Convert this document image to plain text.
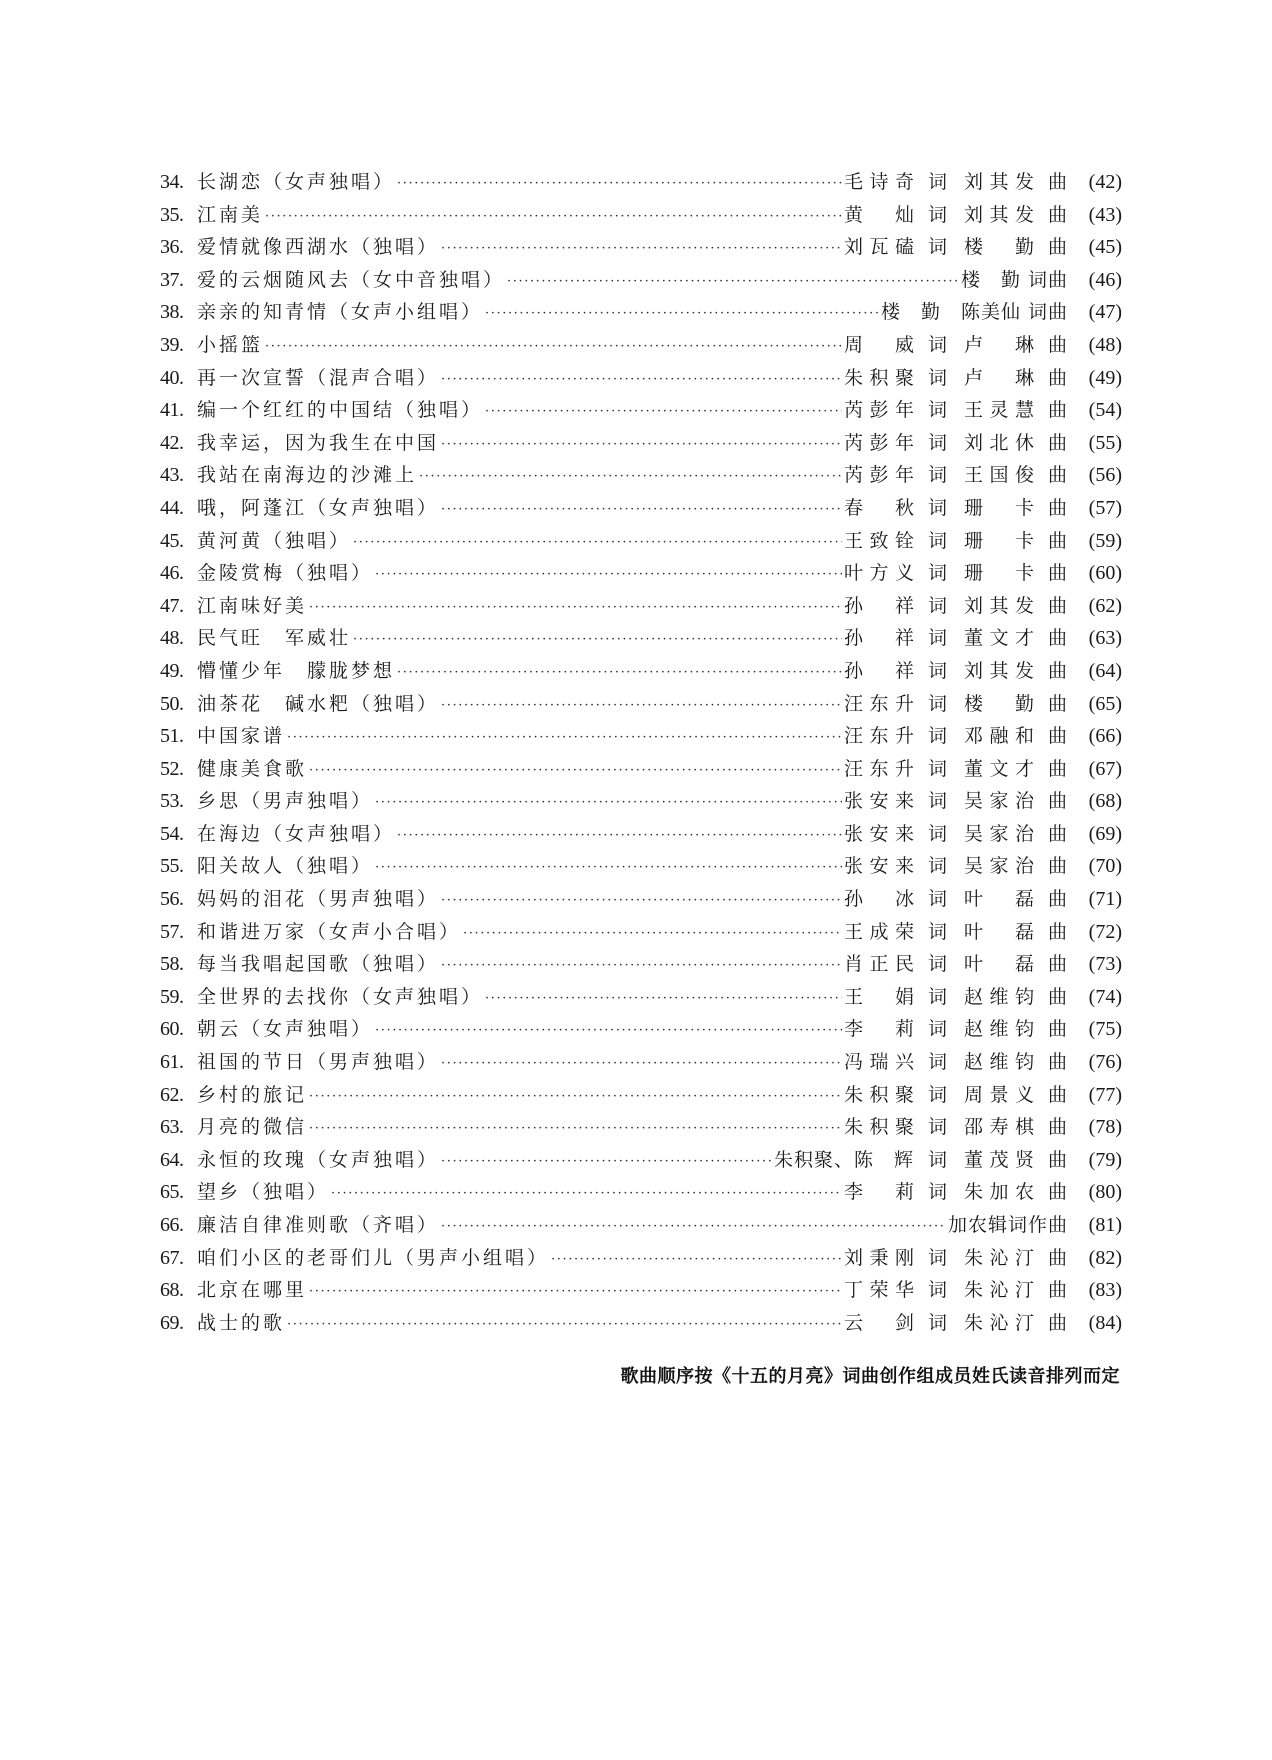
34. 长湖恋（女声独唱） ·····	毛诗奇 词 刘其发 曲	(42)
35. 江南美 ·····	黄灿 词 刘其发 曲	(43)
36. 爱情就像西湖水（独唱） ·····	刘瓦磕 词 楼勤 曲	(45)
37. 爱的云烟随风去（女中音独唱） ·····	楼　勤 词曲	(46)
38. 亲亲的知青情（女声小组唱） ·····	楼　勤　陈美仙 词曲	(47)
39. 小摇篮 ·····	周威 词 卢琳 曲	(48)
40. 再一次宣誓（混声合唱） ·····	朱积聚 词 卢琳 曲	(49)
41. 编一个红红的中国结（独唱） ·····	芮彭年 词 王灵慧 曲	(54)
42. 我幸运，因为我生在中国 ·····	芮彭年 词 刘北休 曲	(55)
43. 我站在南海边的沙滩上 ·····	芮彭年 词 王国俊 曲	(56)
44. 哦，阿蓬江（女声独唱） ·····	春秋 词 珊卡 曲	(57)
45. 黄河黄（独唱） ·····	王致铨 词 珊卡 曲	(59)
46. 金陵赏梅（独唱） ·····	叶方义 词 珊卡 曲	(60)
47. 江南味好美 ·····	孙祥 词 刘其发 曲	(62)
48. 民气旺　军威壮 ·····	孙祥 词 董文才 曲	(63)
49. 懵懂少年　朦胧梦想 ·····	孙祥 词 刘其发 曲	(64)
50. 油茶花　碱水粑（独唱） ·····	汪东升 词 楼勤 曲	(65)
51. 中国家谱 ·····	汪东升 词 邓融和 曲	(66)
52. 健康美食歌 ·····	汪东升 词 董文才 曲	(67)
53. 乡思（男声独唱） ·····	张安来 词 吴家治 曲	(68)
54. 在海边（女声独唱） ·····	张安来 词 吴家治 曲	(69)
55. 阳关故人（独唱） ·····	张安来 词 吴家治 曲	(70)
56. 妈妈的泪花（男声独唱） ·····	孙冰 词 叶磊 曲	(71)
57. 和谐进万家（女声小合唱） ·····	王成荣 词 叶磊 曲	(72)
58. 每当我唱起国歌（独唱） ·····	肖正民 词 叶磊 曲	(73)
59. 全世界的去找你（女声独唱） ·····	王娟 词 赵维钧 曲	(74)
60. 朝云（女声独唱） ·····	李莉 词 赵维钧 曲	(75)
61. 祖国的节日（男声独唱） ·····	冯瑞兴 词 赵维钧 曲	(76)
62. 乡村的旅记 ·····	朱积聚 词 周景义 曲	(77)
63. 月亮的微信 ·····	朱积聚 词 邵寿棋 曲	(78)
64. 永恒的玫瑰（女声独唱） ·····	朱积聚、陈　辉 词 董茂贤 曲	(79)
65. 望乡（独唱） ·····	李莉 词 朱加农 曲	(80)
66. 廉洁自律准则歌（齐唱） ·····	加农辑词作曲	(81)
67. 咱们小区的老哥们儿（男声小组唱） ·····	刘秉刚 词 朱沁汀 曲	(82)
68. 北京在哪里 ·····	丁荣华 词 朱沁汀 曲	(83)
69. 战士的歌 ·····	云剑 词 朱沁汀 曲	(84)
歌曲顺序按《十五的月亮》词曲创作组成员姓氏读音排列而定
